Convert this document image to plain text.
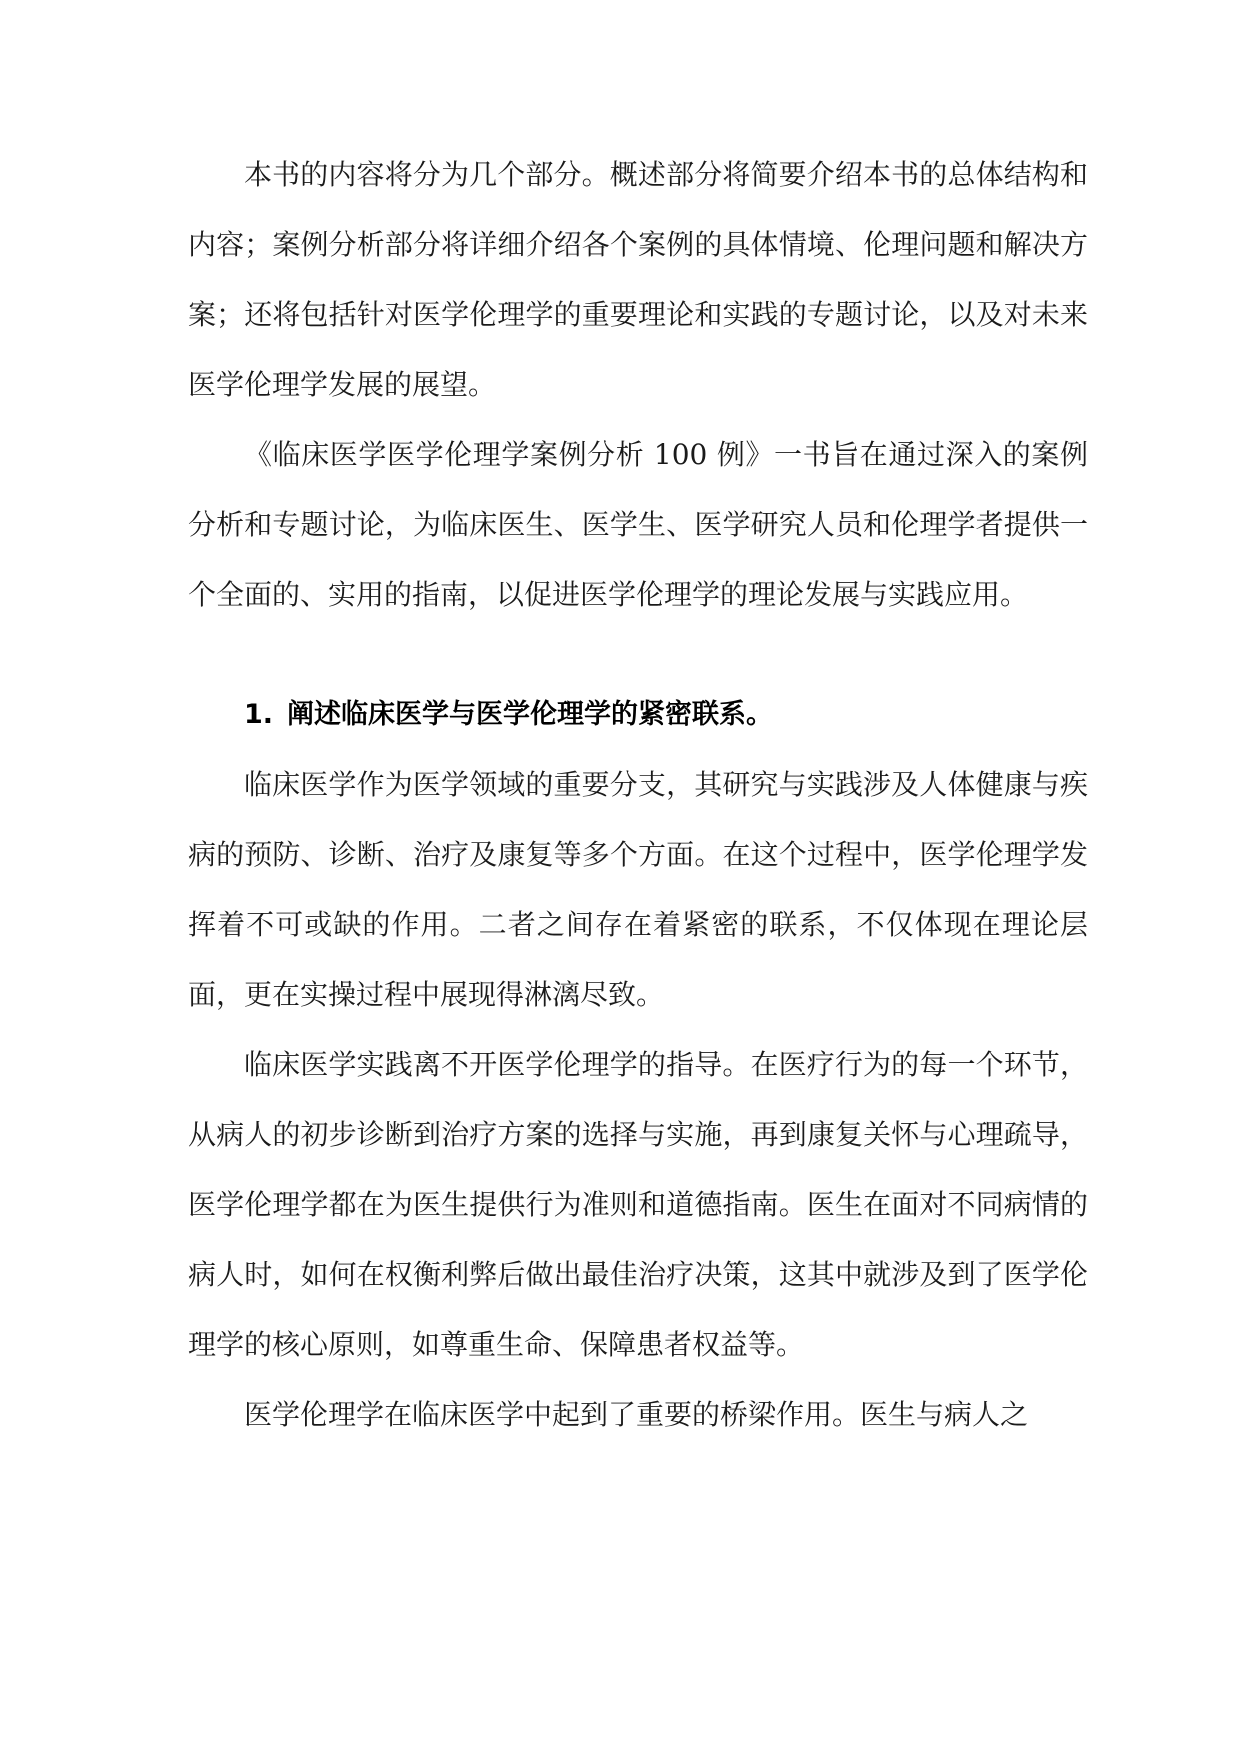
本书的内容将分为几个部分。概述部分将简要介绍本书的总体结构和内容；案例分析部分将详细介绍各个案例的具体情境、伦理问题和解决方案；还将包括针对医学伦理学的重要理论和实践的专题讨论，以及对未来医学伦理学发展的展望。

《临床医学医学伦理学案例分析 100 例》一书旨在通过深入的案例分析和专题讨论，为临床医生、医学生、医学研究人员和伦理学者提供一个全面的、实用的指南，以促进医学伦理学的理论发展与实践应用。

1. 阐述临床医学与医学伦理学的紧密联系。

临床医学作为医学领域的重要分支，其研究与实践涉及人体健康与疾病的预防、诊断、治疗及康复等多个方面。在这个过程中，医学伦理学发挥着不可或缺的作用。二者之间存在着紧密的联系，不仅体现在理论层面，更在实操过程中展现得淋漓尽致。

临床医学实践离不开医学伦理学的指导。在医疗行为的每一个环节，从病人的初步诊断到治疗方案的选择与实施，再到康复关怀与心理疏导，医学伦理学都在为医生提供行为准则和道德指南。医生在面对不同病情的病人时，如何在权衡利弊后做出最佳治疗决策，这其中就涉及到了医学伦理学的核心原则，如尊重生命、保障患者权益等。

医学伦理学在临床医学中起到了重要的桥梁作用。医生与病人之
